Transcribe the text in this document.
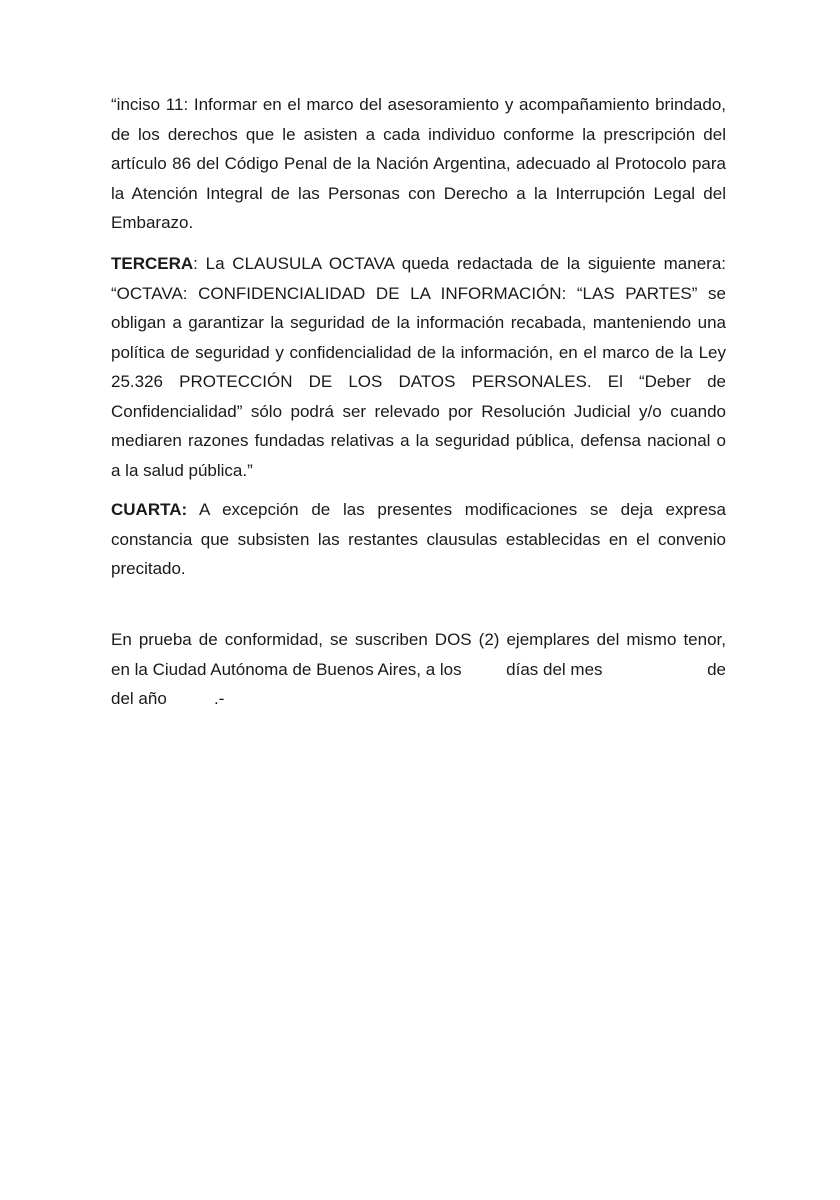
“inciso 11: Informar en el marco del asesoramiento y acompañamiento brindado,
de los derechos que le asisten a cada individuo conforme la prescripción del
artículo 86 del Código Penal de la Nación Argentina, adecuado al Protocolo para
la Atención Integral de las Personas con Derecho a la Interrupción Legal del
Embarazo.
TERCERA: La CLAUSULA OCTAVA queda redactada de la siguiente manera:
“OCTAVA: CONFIDENCIALIDAD DE LA INFORMACIÓN: “LAS PARTES” se
obligan a garantizar la seguridad de la información recabada, manteniendo una
política de seguridad y confidencialidad de la información, en el marco de la Ley
25.326 PROTECCIÓN DE LOS DATOS PERSONALES. El “Deber de
Confidencialidad” sólo podrá ser relevado por Resolución Judicial y/o cuando
mediaren razones fundadas relativas a la seguridad pública, defensa nacional o
a la salud pública.”
CUARTA: A excepción de las presentes modificaciones se deja expresa
constancia que subsisten las restantes clausulas establecidas en el convenio
precitado.
En prueba de conformidad, se suscriben DOS (2) ejemplares del mismo tenor,
en la Ciudad Autónoma de Buenos Aires, a los	días del mes	de
del año          .-
